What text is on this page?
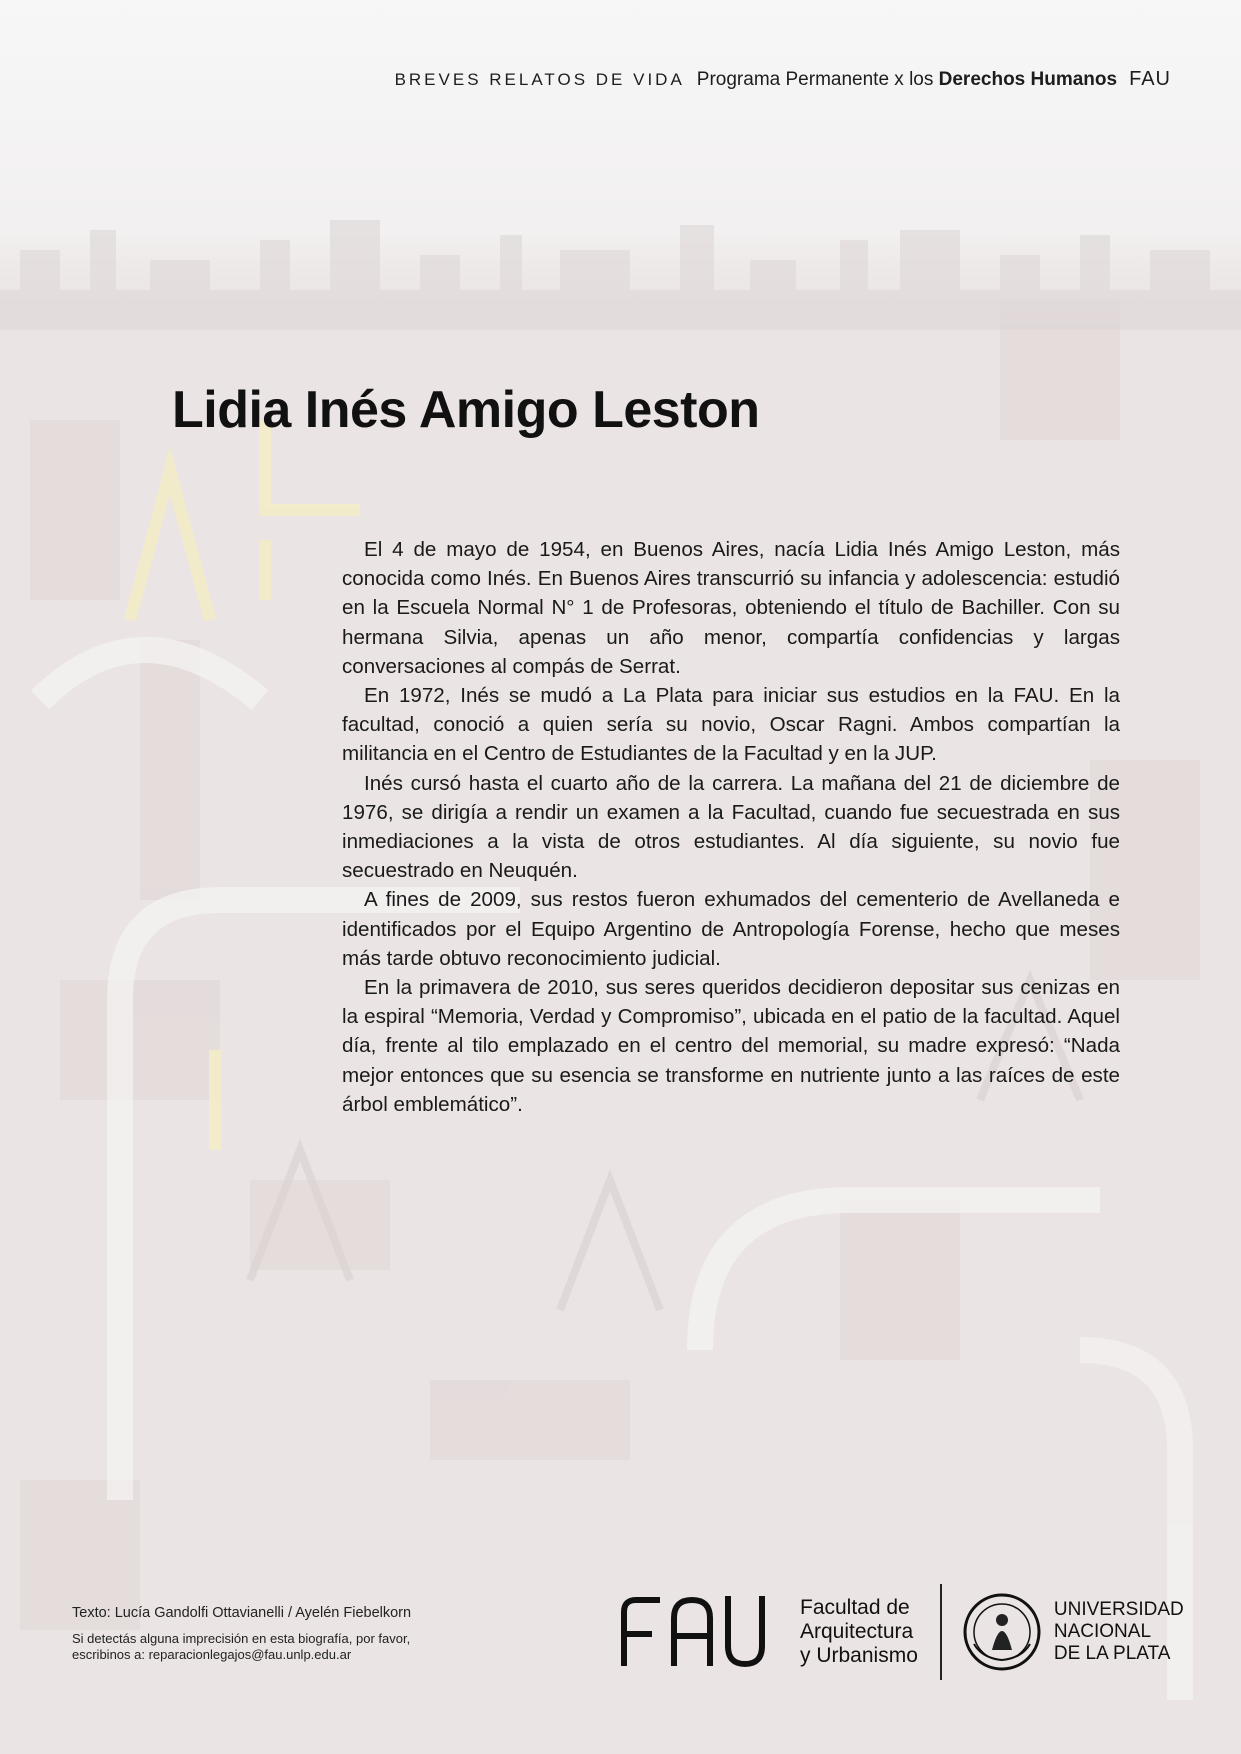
BREVES RELATOS DE VIDA Programa Permanente x los Derechos Humanos FAU
Lidia Inés Amigo Leston

El 4 de mayo de 1954, en Buenos Aires, nacía Lidia Inés Amigo Leston, más conocida como Inés. En Buenos Aires transcurrió su infancia y adolescencia: estudió en la Escuela Normal N° 1 de Profesoras, obteniendo el título de Bachiller. Con su hermana Silvia, apenas un año menor, compartía confidencias y largas conversaciones al compás de Serrat.

En 1972, Inés se mudó a La Plata para iniciar sus estudios en la FAU. En la facultad, conoció a quien sería su novio, Oscar Ragni. Ambos compartían la militancia en el Centro de Estudiantes de la Facultad y en la JUP.

Inés cursó hasta el cuarto año de la carrera. La mañana del 21 de diciembre de 1976, se dirigía a rendir un examen a la Facultad, cuando fue secuestrada en sus inmediaciones a la vista de otros estudiantes. Al día siguiente, su novio fue secuestrado en Neuquén.

A fines de 2009, sus restos fueron exhumados del cementerio de Avellaneda e identificados por el Equipo Argentino de Antropología Forense, hecho que meses más tarde obtuvo reconocimiento judicial.

En la primavera de 2010, sus seres queridos decidieron depositar sus cenizas en la espiral “Memoria, Verdad y Compromiso”, ubicada en el patio de la facultad. Aquel día, frente al tilo emplazado en el centro del memorial, su madre expresó: “Nada mejor entonces que su esencia se transforme en nutriente junto a las raíces de este árbol emblemático”.

Texto: Lucía Gandolfi Ottavianelli / Ayelén Fiebelkorn
Si detectás alguna imprecisión en esta biografía, por favor,
escribinos a: reparacionlegajos@fau.unlp.edu.ar
FAU	Facultad de
Arquitectura
y Urbanismo
UNIVERSIDAD
NACIONAL
DE LA PLATA
